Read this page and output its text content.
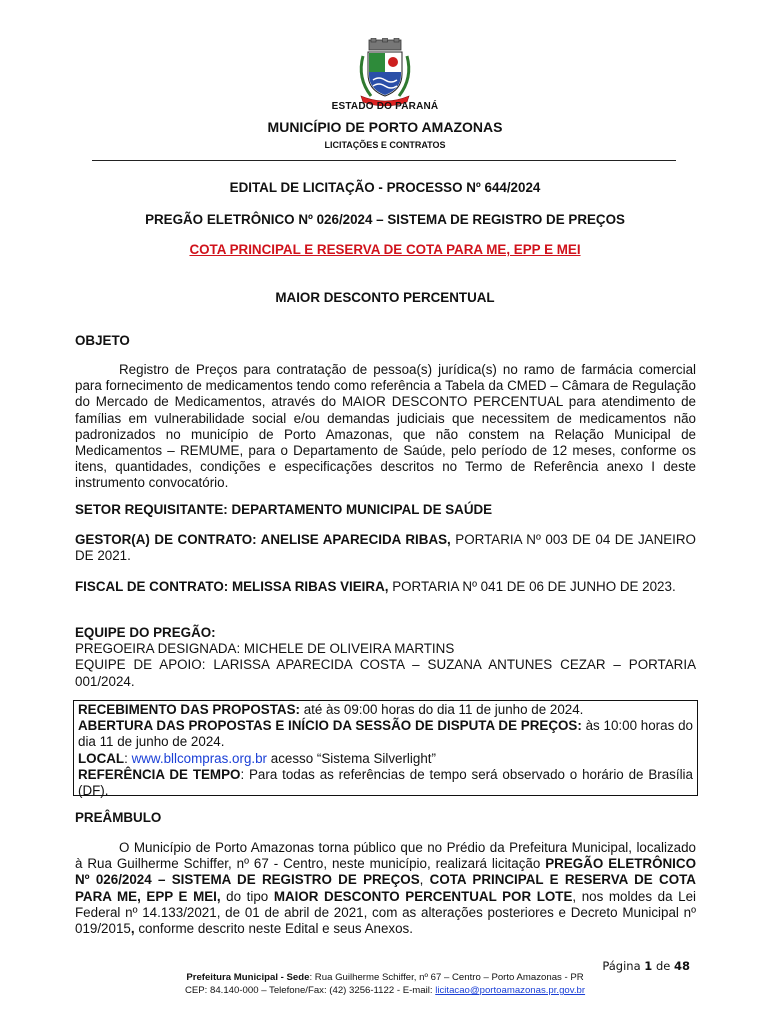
ESTADO DO PARANÁ
MUNICÍPIO DE PORTO AMAZONAS
LICITAÇÕES E CONTRATOS
EDITAL DE LICITAÇÃO - PROCESSO Nº 644/2024
PREGÃO ELETRÔNICO Nº 026/2024 – SISTEMA DE REGISTRO DE PREÇOS
COTA PRINCIPAL E RESERVA DE COTA PARA ME, EPP E MEI
MAIOR DESCONTO PERCENTUAL
OBJETO
Registro de Preços para contratação de pessoa(s) jurídica(s) no ramo de farmácia comercial para fornecimento de medicamentos tendo como referência a Tabela da CMED – Câmara de Regulação do Mercado de Medicamentos, através do MAIOR DESCONTO PERCENTUAL para atendimento de famílias em vulnerabilidade social e/ou demandas judiciais que necessitem de medicamentos não padronizados no município de Porto Amazonas, que não constem na Relação Municipal de Medicamentos – REMUME, para o Departamento de Saúde, pelo período de 12 meses, conforme os itens, quantidades, condições e especificações descritos no Termo de Referência anexo I deste instrumento convocatório.
SETOR REQUISITANTE: DEPARTAMENTO MUNICIPAL DE SAÚDE
GESTOR(A) DE CONTRATO: ANELISE APARECIDA RIBAS, PORTARIA Nº 003 DE 04 DE JANEIRO DE 2021.
FISCAL DE CONTRATO: MELISSA RIBAS VIEIRA, PORTARIA Nº 041 DE 06 DE JUNHO DE 2023.
EQUIPE DO PREGÃO:
PREGOEIRA DESIGNADA: MICHELE DE OLIVEIRA MARTINS
EQUIPE DE APOIO: LARISSA APARECIDA COSTA – SUZANA ANTUNES CEZAR – PORTARIA 001/2024.
RECEBIMENTO DAS PROPOSTAS: até às 09:00 horas do dia 11 de junho de 2024.
ABERTURA DAS PROPOSTAS E INÍCIO DA SESSÃO DE DISPUTA DE PREÇOS: às 10:00 horas do dia 11 de junho de 2024.
LOCAL: www.bllcompras.org.br acesso “Sistema Silverlight”
REFERÊNCIA DE TEMPO: Para todas as referências de tempo será observado o horário de Brasília (DF).
PREÂMBULO
O Município de Porto Amazonas torna público que no Prédio da Prefeitura Municipal, localizado à Rua Guilherme Schiffer, nº 67 - Centro, neste município, realizará licitação PREGÃO ELETRÔNICO Nº 026/2024 – SISTEMA DE REGISTRO DE PREÇOS, COTA PRINCIPAL E RESERVA DE COTA PARA ME, EPP E MEI, do tipo MAIOR DESCONTO PERCENTUAL POR LOTE, nos moldes da Lei Federal nº 14.133/2021, de 01 de abril de 2021, com as alterações posteriores e Decreto Municipal nº 019/2015, conforme descrito neste Edital e seus Anexos.
Página 1 de 48
Prefeitura Municipal - Sede: Rua Guilherme Schiffer, nº 67 – Centro – Porto Amazonas - PR
CEP: 84.140-000 – Telefone/Fax: (42) 3256-1122 - E-mail: licitacao@portoamazonas.pr.gov.br
